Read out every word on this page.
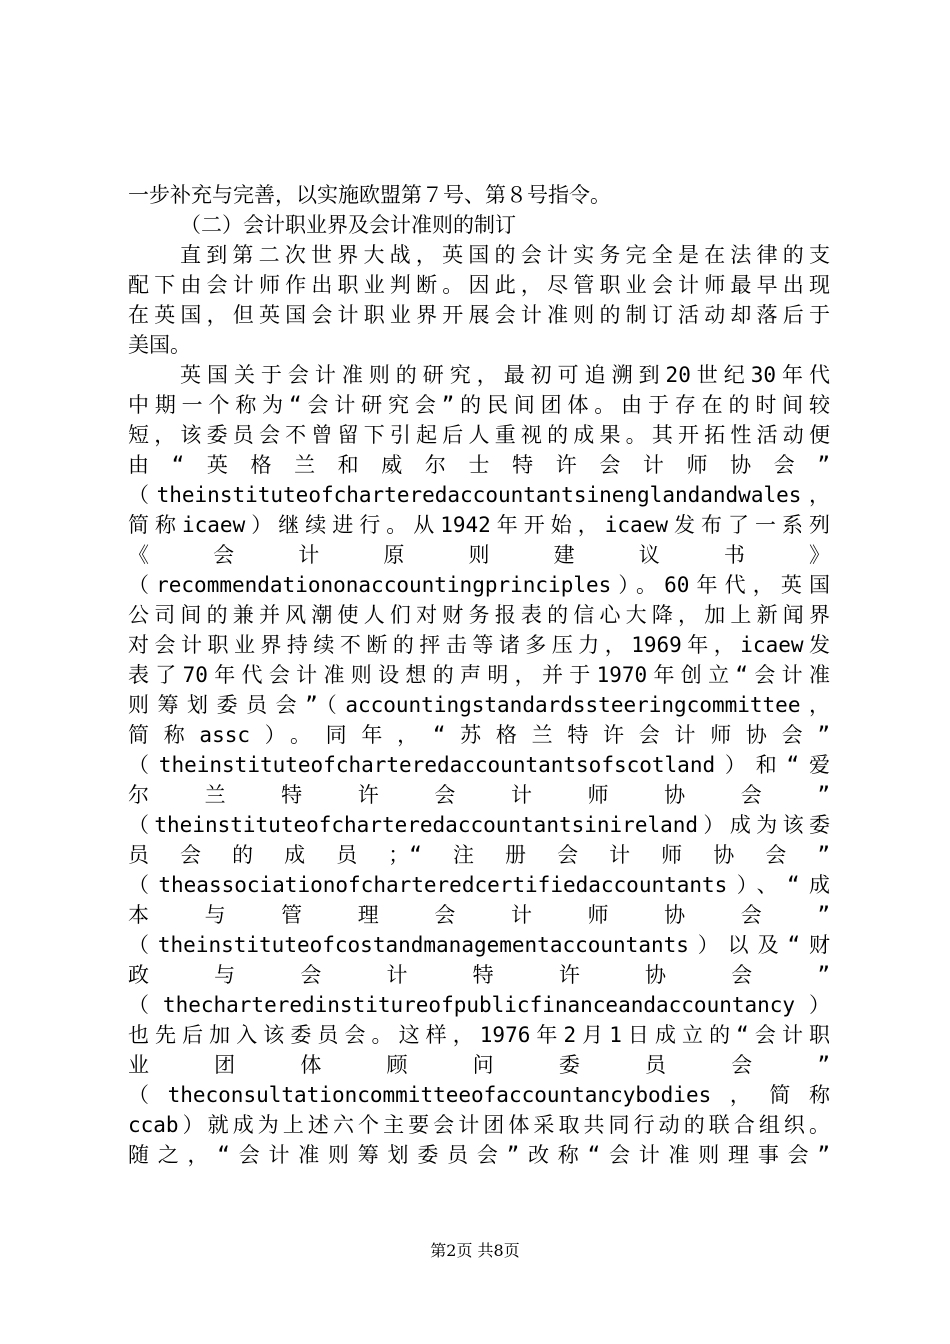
一步补充与完善，以实施欧盟第７号、第８号指令。
（二）会计职业界及会计准则的制订
直到第二次世界大战，英国的会计实务完全是在法律的支
配下由会计师作出职业判断。因此，尽管职业会计师最早出现
在英国，但英国会计职业界开展会计准则的制订活动却落后于
美国。
英国关于会计准则的研究，最初可追溯到20世纪30年代
中期一个称为“会计研究会”的民间团体。由于存在的时间较
短，该委员会不曾留下引起后人重视的成果。其开拓性活动便
由“英格兰和威尔士特许会计师协会”
（theinstituteofcharteredaccountantsinenglandandwales，
简称icaew）继续进行。从1942年开始，icaew发布了一系列
《会计原则建议书》
（recommendationonaccountingprinciples）。60年代，英国
公司间的兼并风潮使人们对财务报表的信心大降，加上新闻界
对会计职业界持续不断的抨击等诸多压力，1969年，icaew发
表了70年代会计准则设想的声明，并于1970年创立“会计准
则筹划委员会”（accountingstandardssteeringcommittee，
简称assc）。同年，“苏格兰特许会计师协会”
（theinstituteofcharteredaccountantsofscotland）和“爱
尔兰特许会计师协会”
（theinstituteofcharteredaccountantsinireland）成为该委
员会的成员；“注册会计师协会”
（theassociationofcharteredcertifiedaccountants）、“成
本与管理会计师协会”
（theinstituteofcostandmanagementaccountants）以及“财
政与会计特许协会”
（thecharteredinstitureofpublicfinanceandaccountancy）
也先后加入该委员会。这样，1976年2月1日成立的“会计职
业团体顾问委员会”
（theconsultationcommitteeofaccountancybodies，简称
ccab）就成为上述六个主要会计团体采取共同行动的联合组织。
随之，“会计准则筹划委员会”改称“会计准则理事会”
第2页 共8页
